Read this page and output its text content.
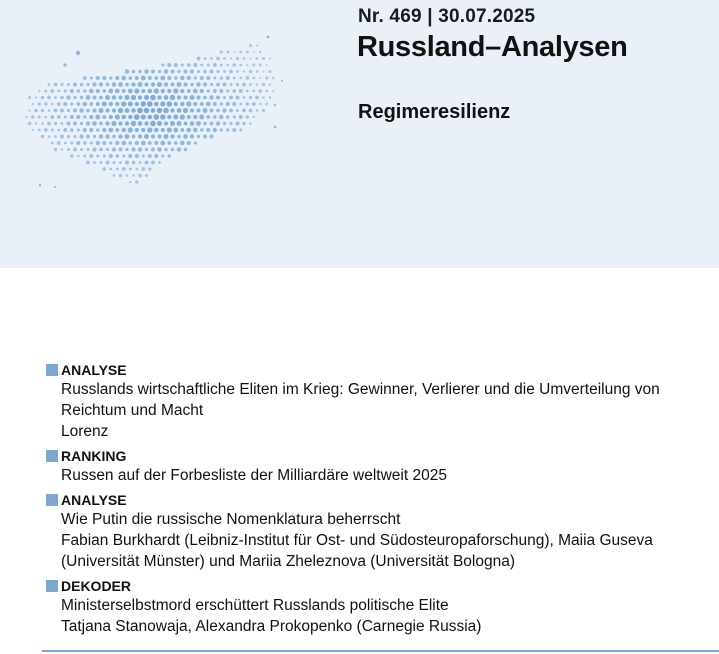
Nr. 469 | 30.07.2025
Russland–Analysen
Regimeresilienz
ANALYSE
Russlands wirtschaftliche Eliten im Krieg: Gewinner, Verlierer und die Umverteilung von
Reichtum und Macht
Lorenz
RANKING
Russen auf der Forbesliste der Milliardäre weltweit 2025
ANALYSE
Wie Putin die russische Nomenklatura beherrscht
Fabian Burkhardt (Leibniz-Institut für Ost- und Südosteuropaforschung), Maiia Guseva
(Universität Münster) und Mariia Zheleznova (Universität Bologna)
DEKODER
Ministerselbstmord erschüttert Russlands politische Elite
Tatjana Stanowaja, Alexandra Prokopenko (Carnegie Russia)
